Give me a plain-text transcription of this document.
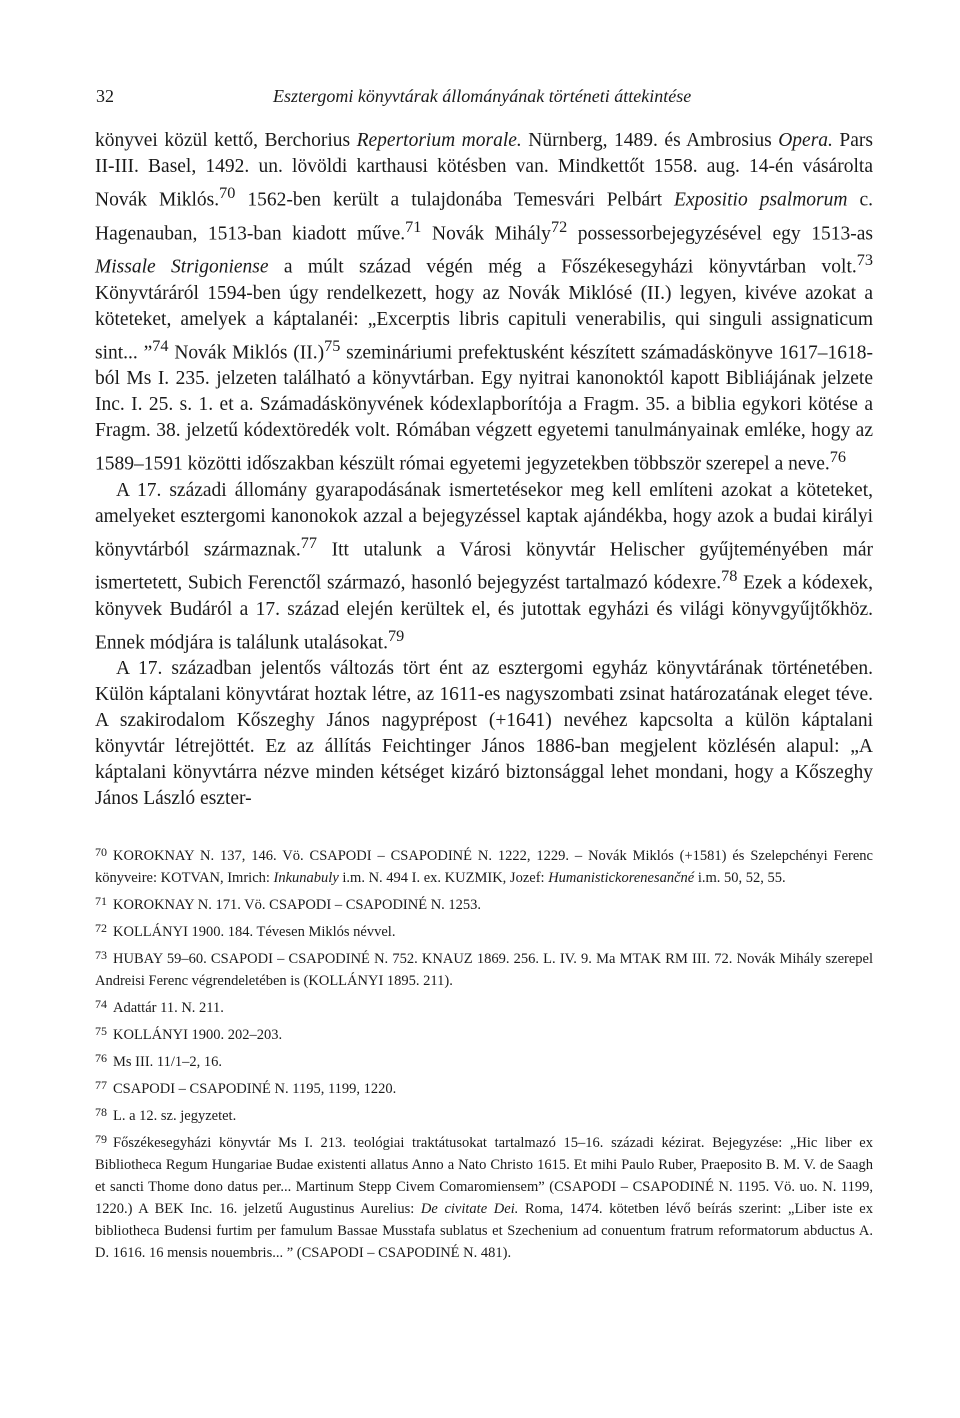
32	Esztergomi könyvtárak állományának történeti áttekintése

könyvei közül kettő, Berchorius Repertorium morale. Nürnberg, 1489. és Ambrosius Opera. Pars II-III. Basel, 1492. un. lövöldi karthausi kötésben van. Mindkettőt 1558. aug. 14-én vásárolta Novák Miklós.$^{70}$ 1562-ben került a tulajdonába Temesvári Pelbárt Expositio psalmorum c. Hagenauban, 1513-ban kiadott műve.$^{71}$ Novák Mihály$^{72}$ possessorbejegyzésével egy 1513-as Missale Strigoniense a múlt század végén még a Főszékesegyházi könyvtárban volt.$^{73}$ Könyvtáráról 1594-ben úgy rendelkezett, hogy az Novák Miklósé (II.) legyen, kivéve azokat a köteteket, amelyek a káptalanéi: „Excerptis libris capituli venerabilis, qui singuli assignaticum sint... ”$^{74}$ Novák Miklós $(II.)^{75}$ szemináriumi prefektusként készített számadáskönyve 1617–1618-ból Ms I. 235. jelzeten található a könyvtárban. Egy nyitrai kanonoktól kapott Bibliájának jelzete Inc. I. 25. s. 1. et a. Számadáskönyvének kódexlapborítója a Fragm. 35. a biblia egykori kötése a Fragm. 38. jelzetű kódextöredék volt. Rómában végzett egyetemi tanulmányainak emléke, hogy az 1589–1591 közötti időszakban készült római egyetemi jegyzetekben többször szerepel a neve.$^{76}$

A 17. századi állomány gyarapodásának ismertetésekor meg kell említeni azokat a köteteket, amelyeket esztergomi kanonokok azzal a bejegyzéssel kaptak ajándékba, hogy azok a budai királyi könyvtárból származnak.$^{77}$ Itt utalunk a Városi könyvtár Helischer gyűjteményében már ismertetett, Subich Ferenctől származó, hasonló bejegyzést tartalmazó kódexre.$^{78}$ Ezek a kódexek, könyvek Budáról a 17. század elején kerültek el, és jutottak egyházi és világi könyvgyűjtőkhöz. Ennek módjára is találunk utalásokat.$^{79}$

A 17. században jelentős változás tört ént az esztergomi egyház könyvtárának történetében. Külön káptalani könyvtárat hoztak létre, az 1611-es nagyszombati zsinat határozatának eleget téve. A szakirodalom Kőszeghy János nagyprépost (+1641) nevéhez kapcsolta a külön káptalani könyvtár létrejöttét. Ez az állítás Feichtinger János 1886-ban megjelent közlésén alapul: „A káptalani könyvtárra nézve minden kétséget kizáró biztonsággal lehet mondani, hogy a Kőszeghy János László eszter-

$^{70}$ KOROKNAY N. 137, 146. Vö. CSAPODI – CSAPODINÉ N. 1222, 1229. – Novák Miklós (+1581) és Szelepchényi Ferenc könyveire: KOTVAN, Imrich: Inkunabuly i.m. N. 494 I. ex. KUZMIK, Jozef: Humanistickorenesančné i.m. 50, 52, 55.

$^{71}$ KOROKNAY N. 171. Vö. CSAPODI – CSAPODINÉ N. 1253.

$^{72}$ KOLLÁNYI 1900. 184. Tévesen Miklós névvel.

$^{73}$ HUBAY 59–60. CSAPODI – CSAPODINÉ N. 752. KNAUZ 1869. 256. L. IV. 9. Ma MTAK RM III. 72. Novák Mihály szerepel Andreisi Ferenc végrendeletében is (KOLLÁNYI 1895. 211).

$^{74}$ Adattár 11. N. 211.

$^{75}$ KOLLÁNYI 1900. 202–203.

$^{76}$ Ms III. 11/1–2, 16.

$^{77}$ CSAPODI – CSAPODINÉ N. 1195, 1199, 1220.

$^{78}$ L. a 12. sz. jegyzetet.

$^{79}$ Főszékesegyházi könyvtár Ms I. 213. teológiai traktátusokat tartalmazó 15–16. századi kézirat. Bejegyzése: „Hic liber ex Bibliotheca Regum Hungariae Budae existenti allatus Anno a Nato Christo 1615. Et mihi Paulo Ruber, Praeposito B. M. V. de Saagh et sancti Thome dono datus per... Martinum Stepp Civem Comaromiensem” (CSAPODI – CSAPODINÉ N. 1195. Vö. uo. N. 1199, 1220.) A BEK Inc. 16. jelzetű Augustinus Aurelius: De civitate Dei. Roma, 1474. kötetben lévő beírás szerint: „Liber iste ex bibliotheca Budensi furtim per famulum Bassae Musstafa sublatus et Szechenium ad conuentum fratrum reformatorum abductus A. D. 1616. 16 mensis nouembris... ” (CSAPODI – CSAPODINÉ N. 481).
